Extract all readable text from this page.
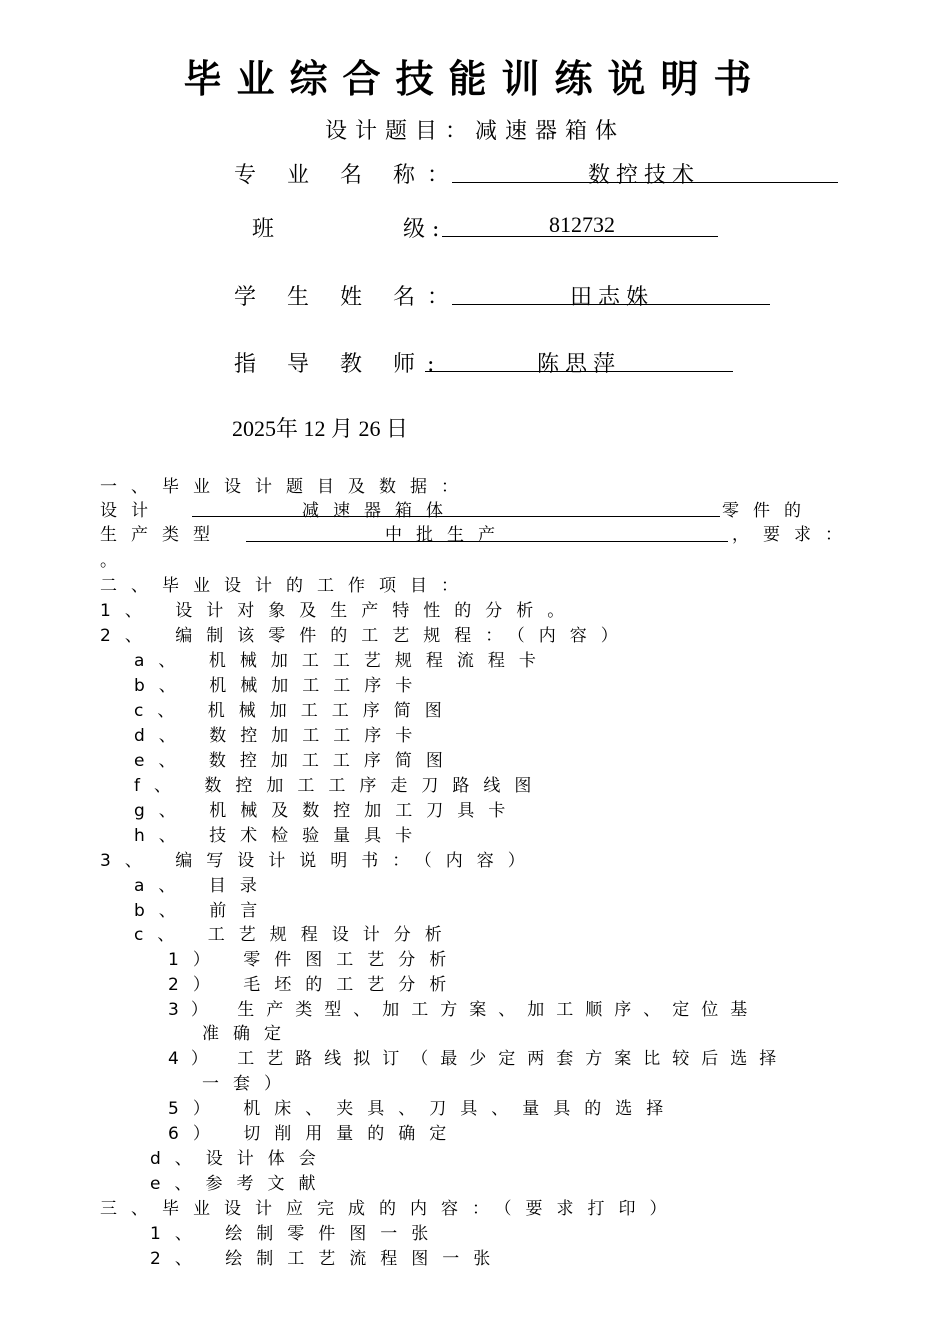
毕业综合技能训练说明书
设计题目：减速器箱体
专 业 名 称：	数控技术
班	级 :	812732
学 生 姓 名：	田志姝
指 导 教 师:	陈思萍
2025年 12 月 26 日
一、毕业设计题目及数据：
设计	减速器箱体	零件的
生产类型	中批生产	，要求：
。
二、毕业设计的工作项目：
1、 设计对象及生产特性的分析。
2、 编制该零件的工艺规程：（内容）
a、 机械加工工艺规程流程卡
b、 机械加工工序卡
c、 机械加工工序简图
d、 数控加工工序卡
e、 数控加工工序简图
f、 数控加工工序走刀路线图
g、 机械及数控加工刀具卡
h、 技术检验量具卡
3、 编写设计说明书：（内容）
a、 目录
b、 前言
c、 工艺规程设计分析
1） 零件图工艺分析
2） 毛坯的工艺分析
3） 生产类型、加工方案、加工顺序、定位基
准确定
4） 工艺路线拟订（最少定两套方案比较后选择
一套）
5） 机床、夹具、刀具、量具的选择
6） 切削用量的确定
d、设计体会
e、参考文献
三、毕业设计应完成的内容：（要求打印）
1、 绘制零件图一张
2、 绘制工艺流程图一张
